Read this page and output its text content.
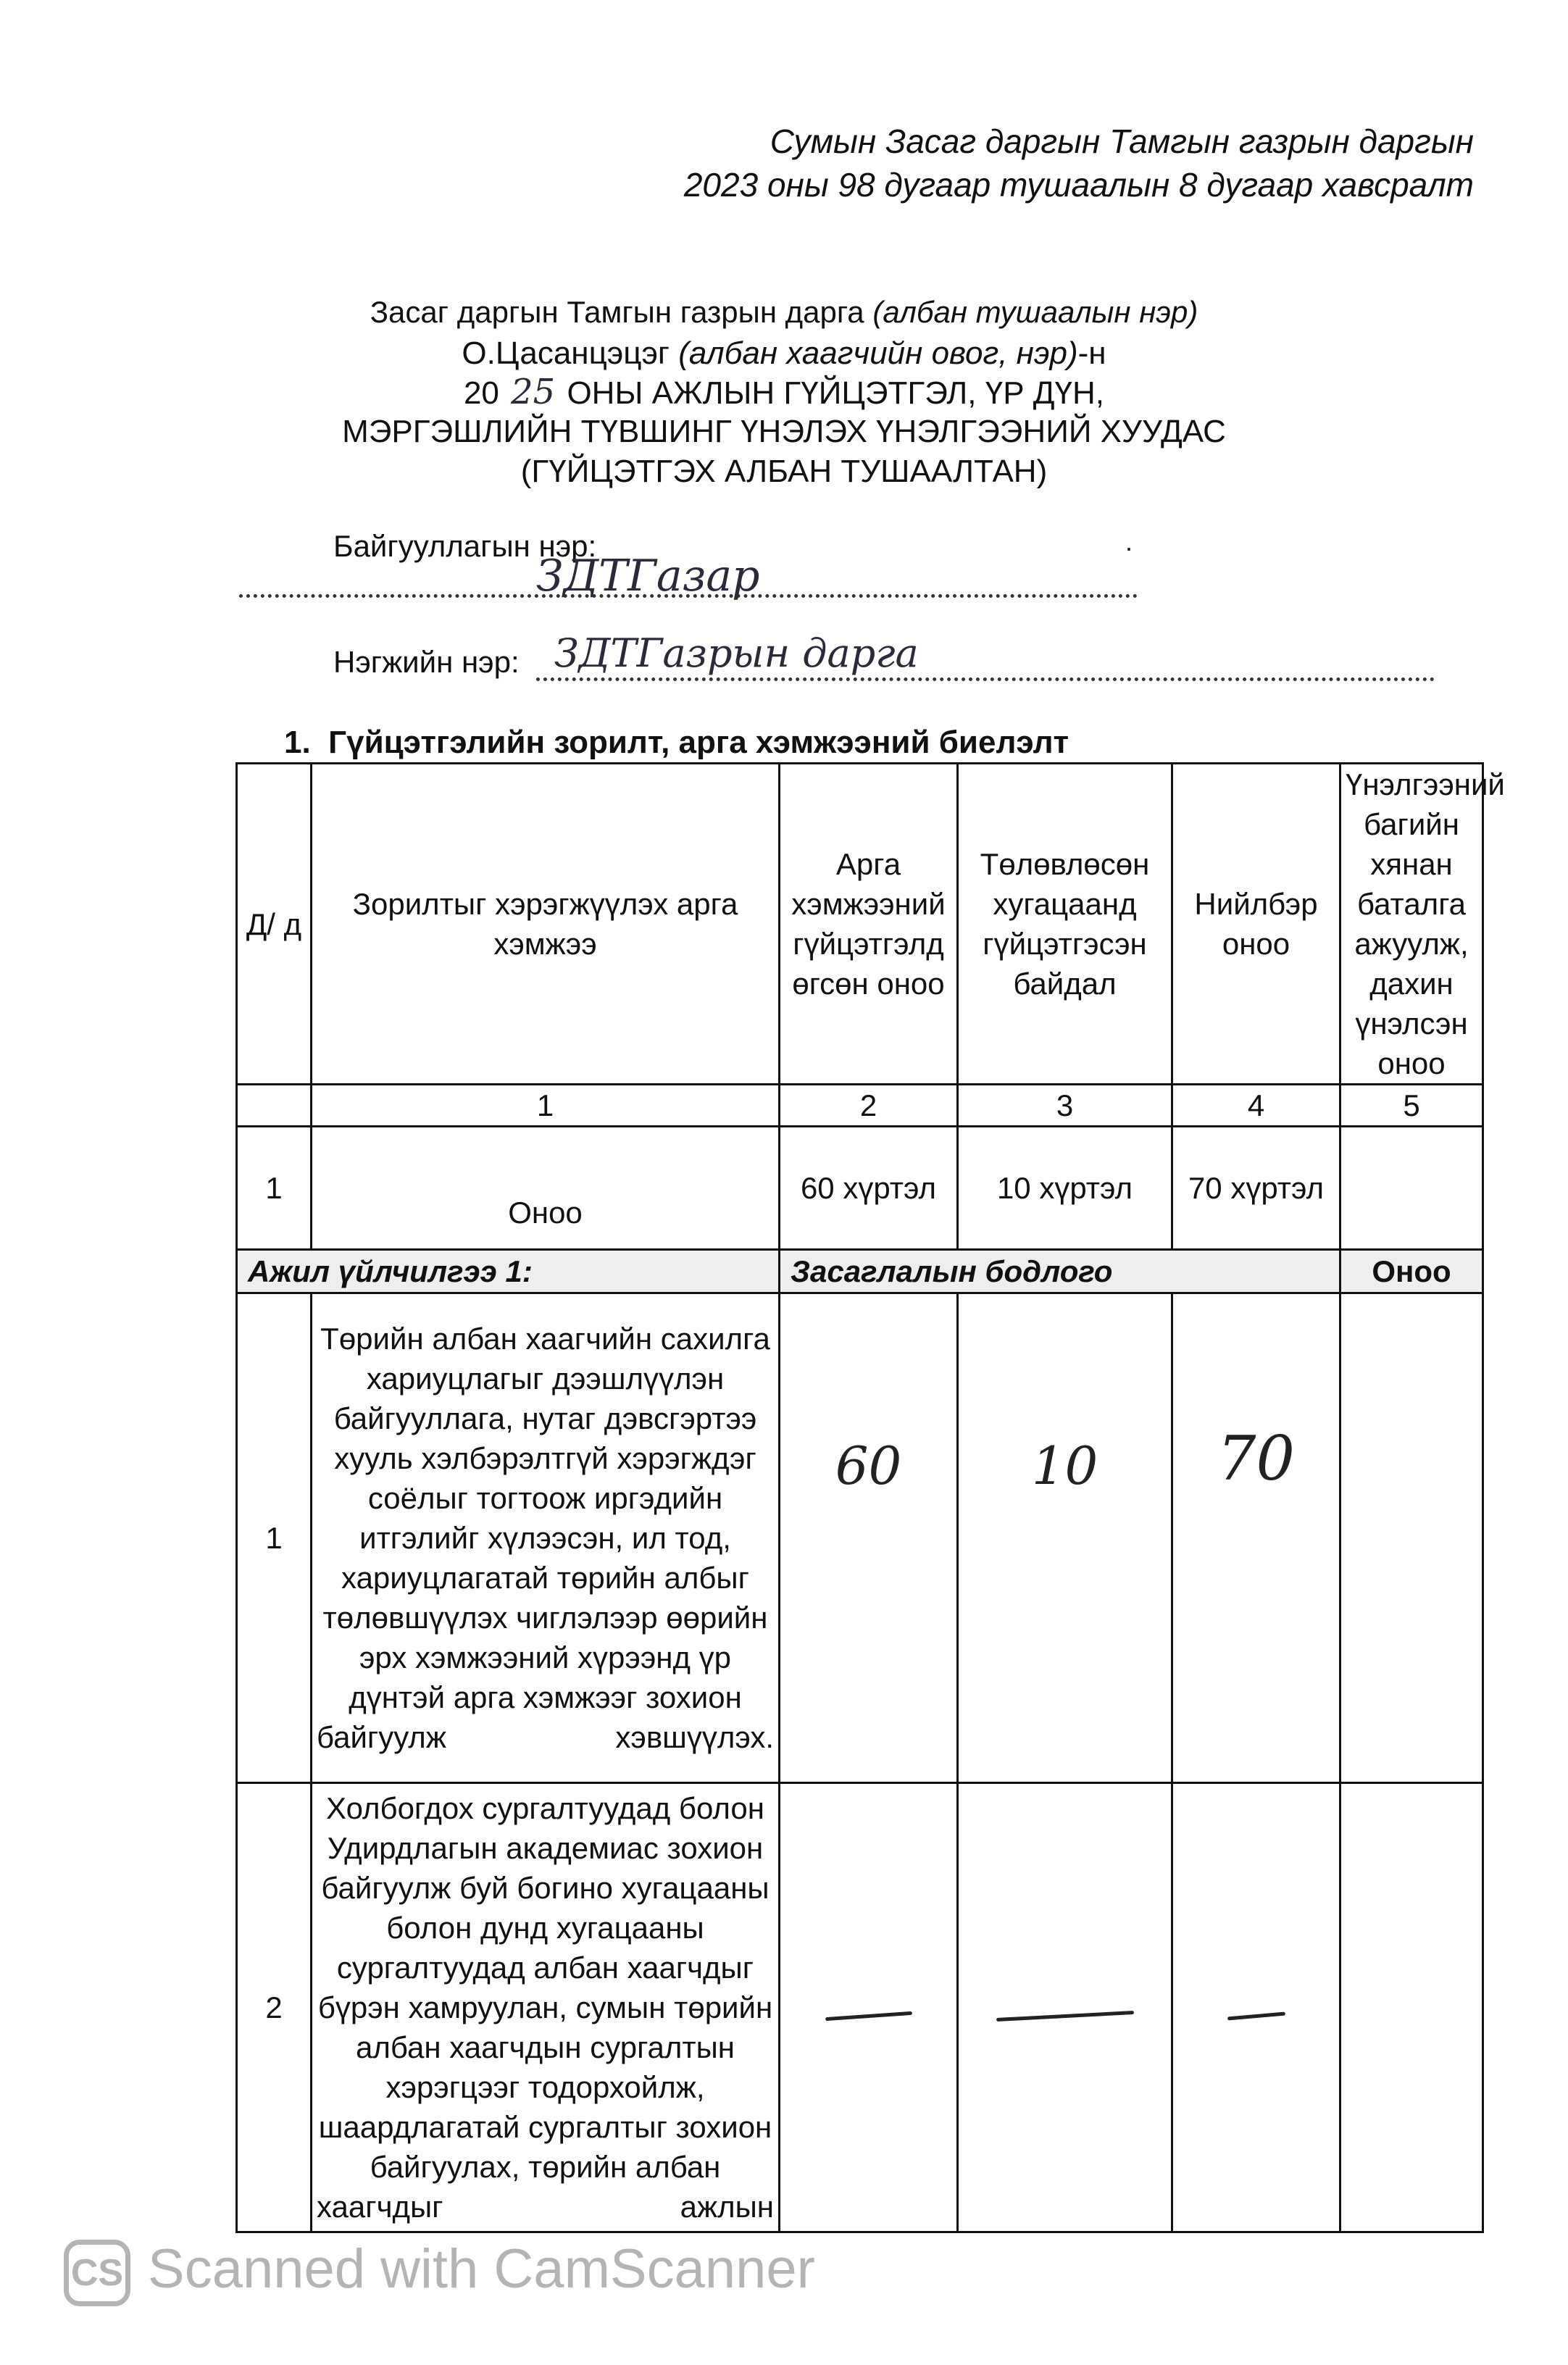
Сумын Засаг даргын Тамгын газрын даргын
2023 оны 98 дугаар тушаалын 8 дугаар хавсралт
Засаг даргын Тамгын газрын дарга (албан тушаалын нэр)
О.Цасанцэцэг (албан хаагчийн овог, нэр)-н
20 25 ОНЫ АЖЛЫН ГҮЙЦЭТГЭЛ, ҮР ДҮН,
МЭРГЭШЛИЙН ТҮВШИНГ ҮНЭЛЭХ ҮНЭЛГЭЭНИЙ ХУУДАС
(ГҮЙЦЭТГЭХ АЛБАН ТУШААЛТАН)
Байгууллагын нэр:	·
ЗДТГазар
Нэгжийн нэр: ЗДТГазрын дарга
1. Гүйцэтгэлийн зорилт, арга хэмжээний биелэлт
Д/ д	Зорилтыг хэрэгжүүлэх арга хэмжээ	Арга хэмжээний гүйцэтгэлд өгсөн оноо	Төлөвлөсөн хугацаанд гүйцэтгэсэн байдал	Нийлбэр оноо	Үнэлгээний багийн хянан баталга ажуулж, дахин үнэлсэн оноо
	1	2	3	4	5
1	Оноо	60 хүртэл	10 хүртэл	70 хүртэл	
Ажил үйлчилгээ 1:		Засаглалын бодлого			Оноо
1	Төрийн албан хаагчийн сахилга хариуцлагыг дээшлүүлэн байгууллага, нутаг дэвсгэртээ хууль хэлбэрэлтгүй хэрэгждэг соёлыг тогтоож иргэдийн итгэлийг хүлээсэн, ил тод, хариуцлагатай төрийн албыг төлөвшүүлэх чиглэлээр өөрийн эрх хэмжээний хүрээнд үр дүнтэй арга хэмжээг зохион байгуулж хэвшүүлэх.	60	10	70	
2	Холбогдох сургалтуудад болон Удирдлагын академиас зохион байгуулж буй богино хугацааны болон дунд хугацааны сургалтуудад албан хаагчдыг бүрэн хамруулан, сумын төрийн албан хаагчдын сургалтын хэрэгцээг тодорхойлж, шаардлагатай сургалтыг зохион байгуулах, төрийн албан хаагчдыг ажлын				
CS Scanned with CamScanner
